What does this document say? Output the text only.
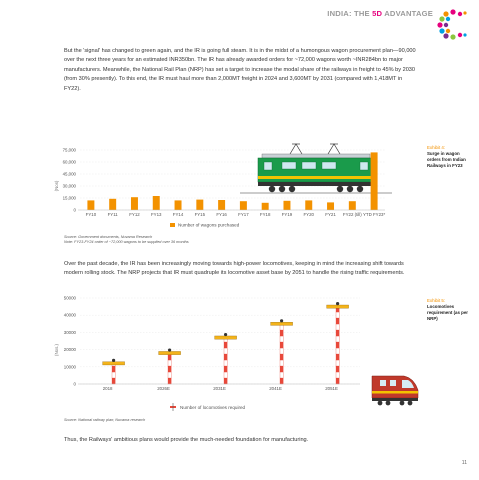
INDIA: THE 5D ADVANTAGE
But the 'signal' has changed to green again, and the IR is going full steam. It is in the midst of a humongous wagon procurement plan—90,000 over the next three years for an estimated INR350bn. The IR has already awarded orders for ~72,000 wagons worth ~INR284bn to major manufacturers. Meanwhile, the National Rail Plan (NRP) has set a target to increase the modal share of the railways in freight to 45% by 2030 (from 30% presently). To this end, the IR must haul more than 2,000MT freight in 2024 and 3,600MT by 2031 (compared with 1,418MT in FY22).
Exhibit 4:
Surge in wagon orders from Indian Railways in FY23
0
15,000
30,000
45,000
60,000
75,000
(Nos)
FY10	FY11	FY12	FY13	FY14	FY15	FY16	FY17	FY18	FY19	FY20	FY21 FY22 (till) YTD FY23*
Number of wagons purchased
Source: Government documents, Nuvama Research
Note: FY23-FY24 order of ~72,000 wagons to be supplied over 36 months
Over the past decade, the IR has been increasingly moving towards high-power locomotives, keeping in mind the increasing shift towards modern rolling stock. The NRP projects that IR must quadruple its locomotive asset base by 2051 to handle the rising traffic requirements.
Exhibit 5:
Locomotives requirement (as per NRP)
0
10000
20000
30000
40000
50000
(Nos.)
2018	2026E	2031E	2041E	2051E
Number of locomotives required
Source: National railway plan; Nuvama research
Thus, the Railways' ambitious plans would provide the much-needed foundation for manufacturing.
11
